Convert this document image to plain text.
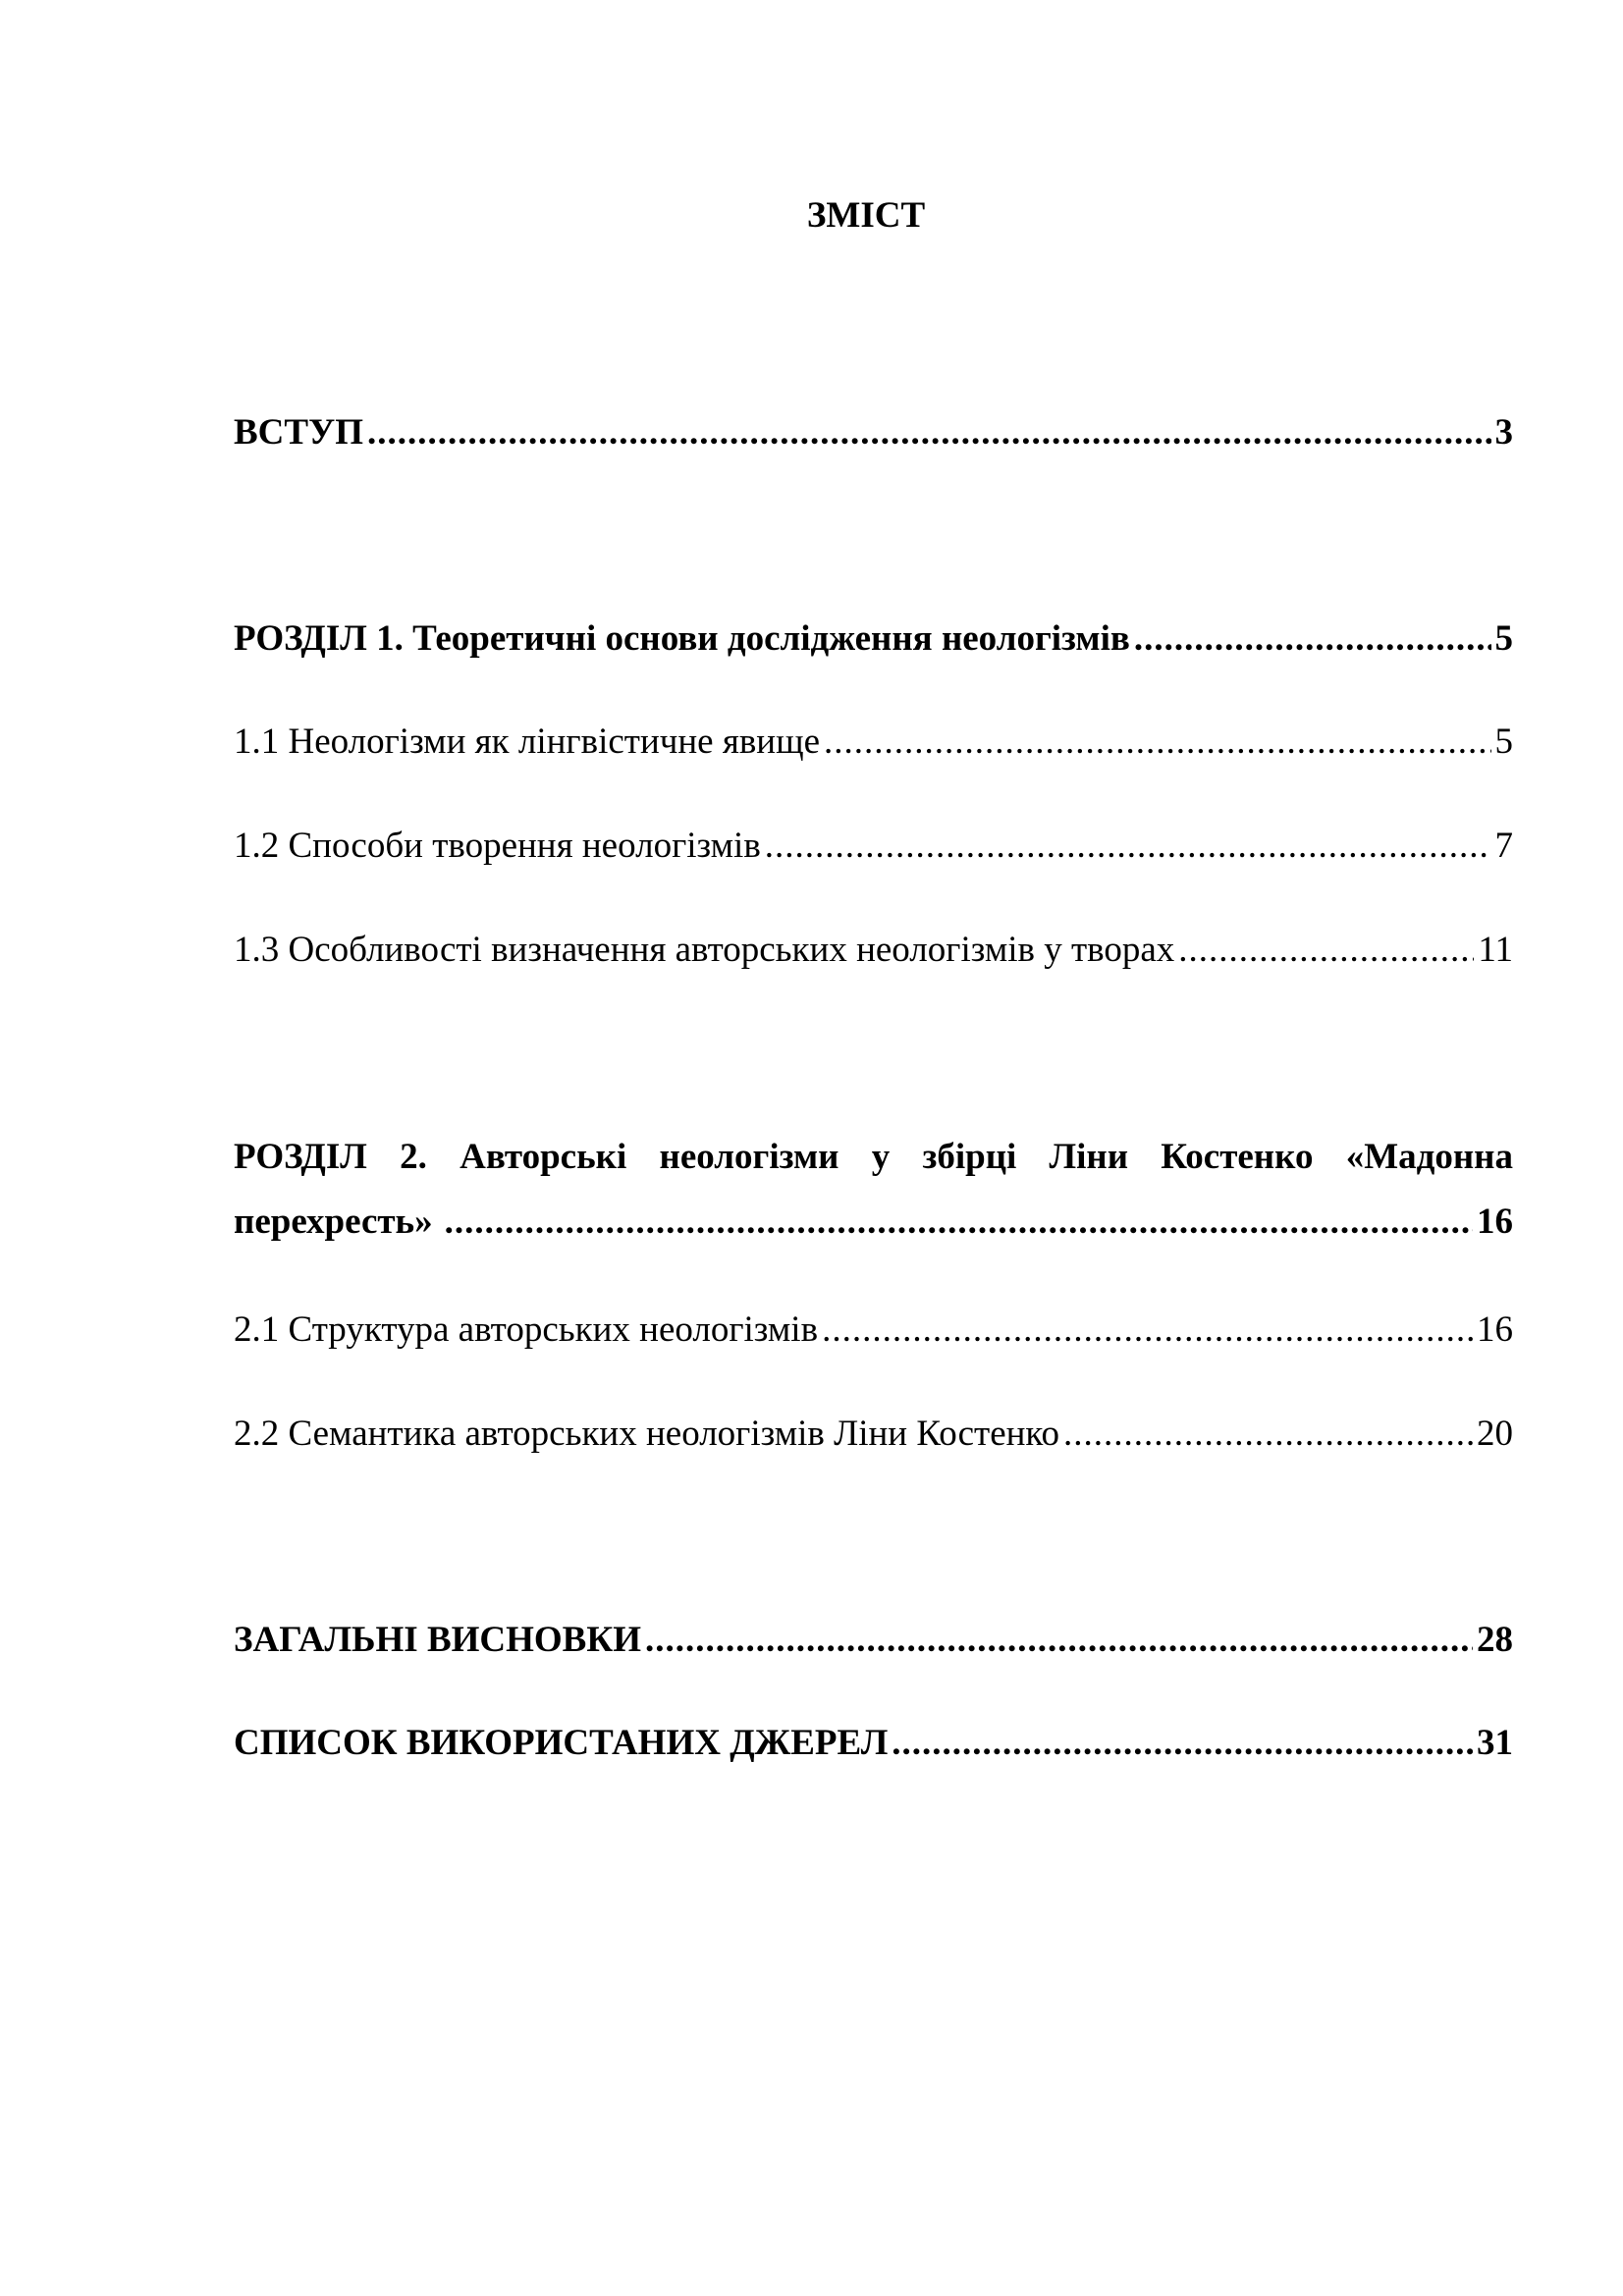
ЗМІСТ
ВСТУП .....	3
РОЗДІЛ 1. Теоретичні основи дослідження неологізмів .....	5
1.1 Неологізми як лінгвістичне явище .....	5
1.2 Способи творення неологізмів .....	7
1.3 Особливості визначення авторських неологізмів у творах .....	11
РОЗДІЛ 2. Авторські неологізми у збірці Ліни Костенко «Мадонна
перехресть» .....	16
2.1 Структура авторських неологізмів .....	16
2.2 Семантика авторських неологізмів Ліни Костенко .....	20
ЗАГАЛЬНІ ВИСНОВКИ .....	28
СПИСОК ВИКОРИСТАНИХ ДЖЕРЕЛ .....	31
